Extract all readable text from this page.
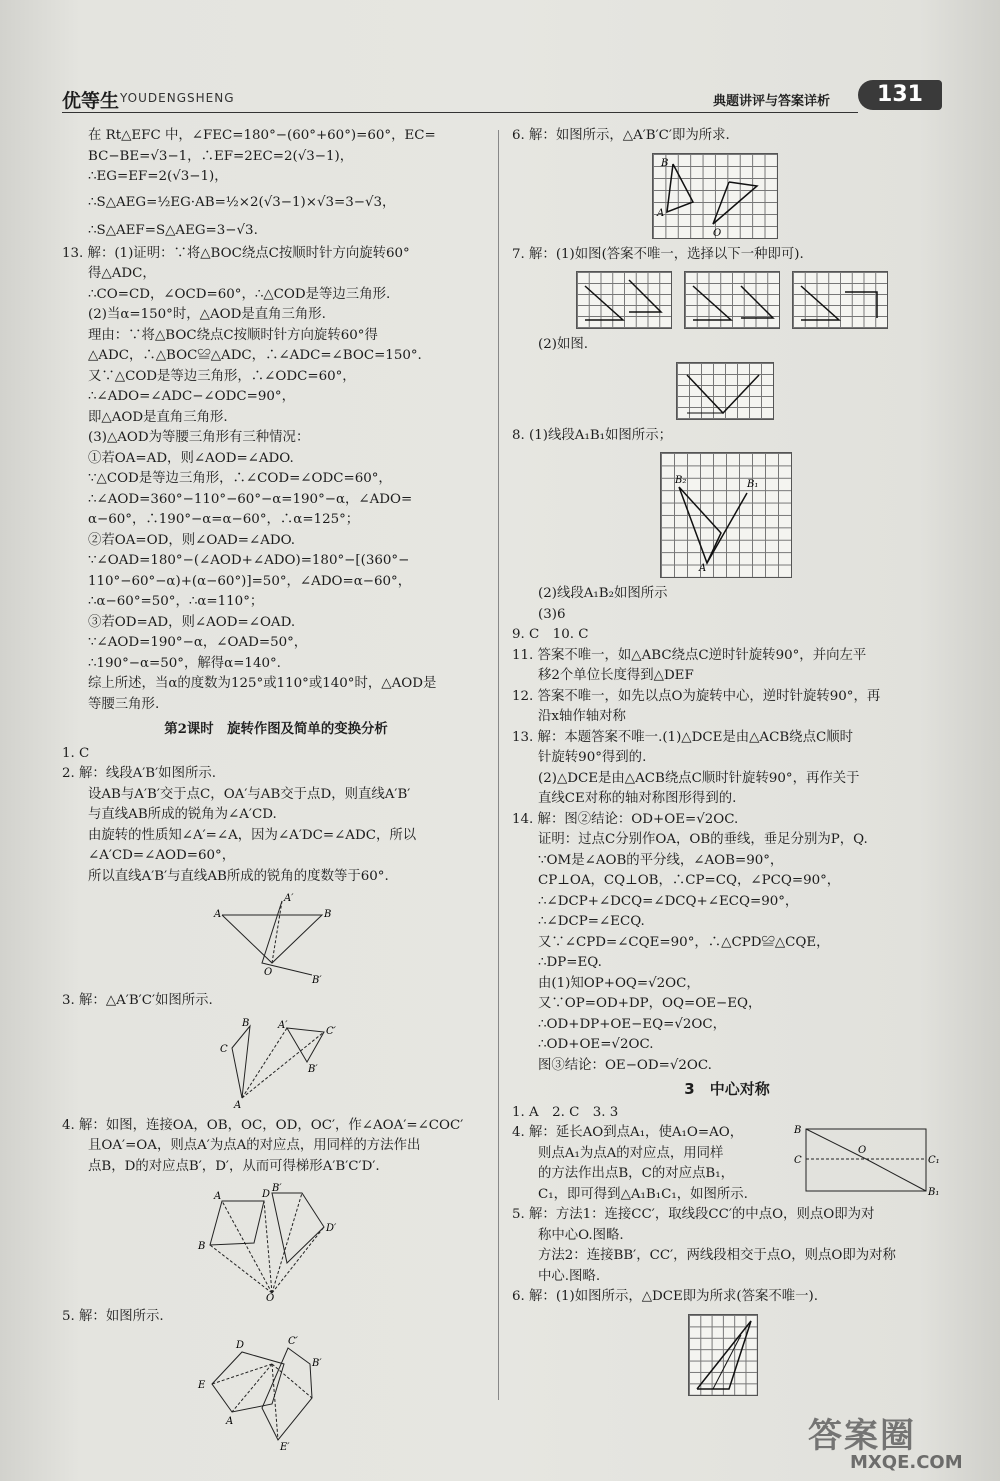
优等生 YOUDENGSHENG	典题讲评与答案详析	131

在 Rt△EFC 中，∠FEC=180°−(60°+60°)=60°，EC=

BC−BE=√3−1，∴EF=2EC=2(√3−1)，

∴EG=EF=2(√3−1)，

∴S△AEG=½EG·AB=½×2(√3−1)×√3=3−√3，

∴S△AEF=S△AEG=3−√3.

13. 解：(1)证明：∵将△BOC绕点C按顺时针方向旋转60°

得△ADC，

∴CO=CD，∠OCD=60°，∴△COD是等边三角形.

(2)当α=150°时，△AOD是直角三角形.

理由：∵将△BOC绕点C按顺时针方向旋转60°得

△ADC，∴△BOC≌△ADC，∴∠ADC=∠BOC=150°.

又∵△COD是等边三角形，∴∠ODC=60°，

∴∠ADO=∠ADC−∠ODC=90°，

即△AOD是直角三角形.

(3)△AOD为等腰三角形有三种情况：

①若OA=AD，则∠AOD=∠ADO.

∵△COD是等边三角形，∴∠COD=∠ODC=60°，

∴∠AOD=360°−110°−60°−α=190°−α，∠ADO=

α−60°，∴190°−α=α−60°，∴α=125°；

②若OA=OD，则∠OAD=∠ADO.

∵∠OAD=180°−(∠AOD+∠ADO)=180°−[(360°−

110°−60°−α)+(α−60°)]=50°，∠ADO=α−60°，

∴α−60°=50°，∴α=110°；

③若OD=AD，则∠AOD=∠OAD.

∵∠AOD=190°−α，∠OAD=50°，

∴190°−α=50°，解得α=140°.

综上所述，当α的度数为125°或110°或140°时，△AOD是

等腰三角形.

第2课时　旋转作图及简单的变换分析

1. C

2. 解：线段A′B′如图所示.

设AB与A′B′交于点C，OA′与AB交于点D，则直线A′B′

与直线AB所成的锐角为∠A′CD.

由旋转的性质知∠A′=∠A，因为∠A′DC=∠ADC，所以

∠A′CD=∠AOD=60°，

所以直线A′B′与直线AB所成的锐角的度数等于60°.

A	B
O
B′
A′

3. 解：△A′B′C′如图所示.

C
B
A
A′
C′
B′

4. 解：如图，连接OA，OB，OC，OD，OC′，作∠AOA′=∠COC′

且OA′=OA，则点A′为点A的对应点，用同样的方法作出

点B，D的对应点B′，D′，从而可得梯形A′B′C′D′.

B
A	D
O
D′
B′

5. 解：如图所示.

E
D	C′
B′
A
E′

6. 解：如图所示，△A′B′C′即为所求.

B
A
O

7. 解：(1)如图(答案不唯一，选择以下一种即可).

(2)如图.

8. (1)线段A₁B₁如图所示；

B₂	B₁
A

(2)线段A₁B₂如图所示

(3)6

9. C　10. C

11. 答案不唯一，如△ABC绕点C逆时针旋转90°，并向左平

移2个单位长度得到△DEF

12. 答案不唯一，如先以点O为旋转中心，逆时针旋转90°，再

沿x轴作轴对称

13. 解：本题答案不唯一.(1)△DCE是由△ACB绕点C顺时

针旋转90°得到的.

(2)△DCE是由△ACB绕点C顺时针旋转90°，再作关于

直线CE对称的轴对称图形得到的.

14. 解：图②结论：OD+OE=√2OC.

证明：过点C分别作OA，OB的垂线，垂足分别为P，Q.

∵OM是∠AOB的平分线，∠AOB=90°，

CP⊥OA，CQ⊥OB，∴CP=CQ，∠PCQ=90°，

∴∠DCP+∠DCQ=∠DCQ+∠ECQ=90°，

∴∠DCP=∠ECQ.

又∵∠CPD=∠CQE=90°，∴△CPD≌△CQE，

∴DP=EQ.

由(1)知OP+OQ=√2OC，

又∵OP=OD+DP，OQ=OE−EQ，

∴OD+DP+OE−EQ=√2OC，

∴OD+OE=√2OC.

图③结论：OE−OD=√2OC.

3　中心对称

1. A　2. C　3. 3

4. 解：延长AO到点A₁，使A₁O=AO，

则点A₁为点A的对应点，用同样

的方法作出点B，C的对应点B₁，

C₁，即可得到△A₁B₁C₁，如图所示.

B
O
C₁
B₁
C

5. 解：方法1：连接CC′，取线段CC′的中点O，则点O即为对

称中心O.图略.

方法2：连接BB′，CC′，两线段相交于点O，则点O即为对称

中心.图略.

6. 解：(1)如图所示，△DCE即为所求(答案不唯一).

答案圈
MXQE.COM
